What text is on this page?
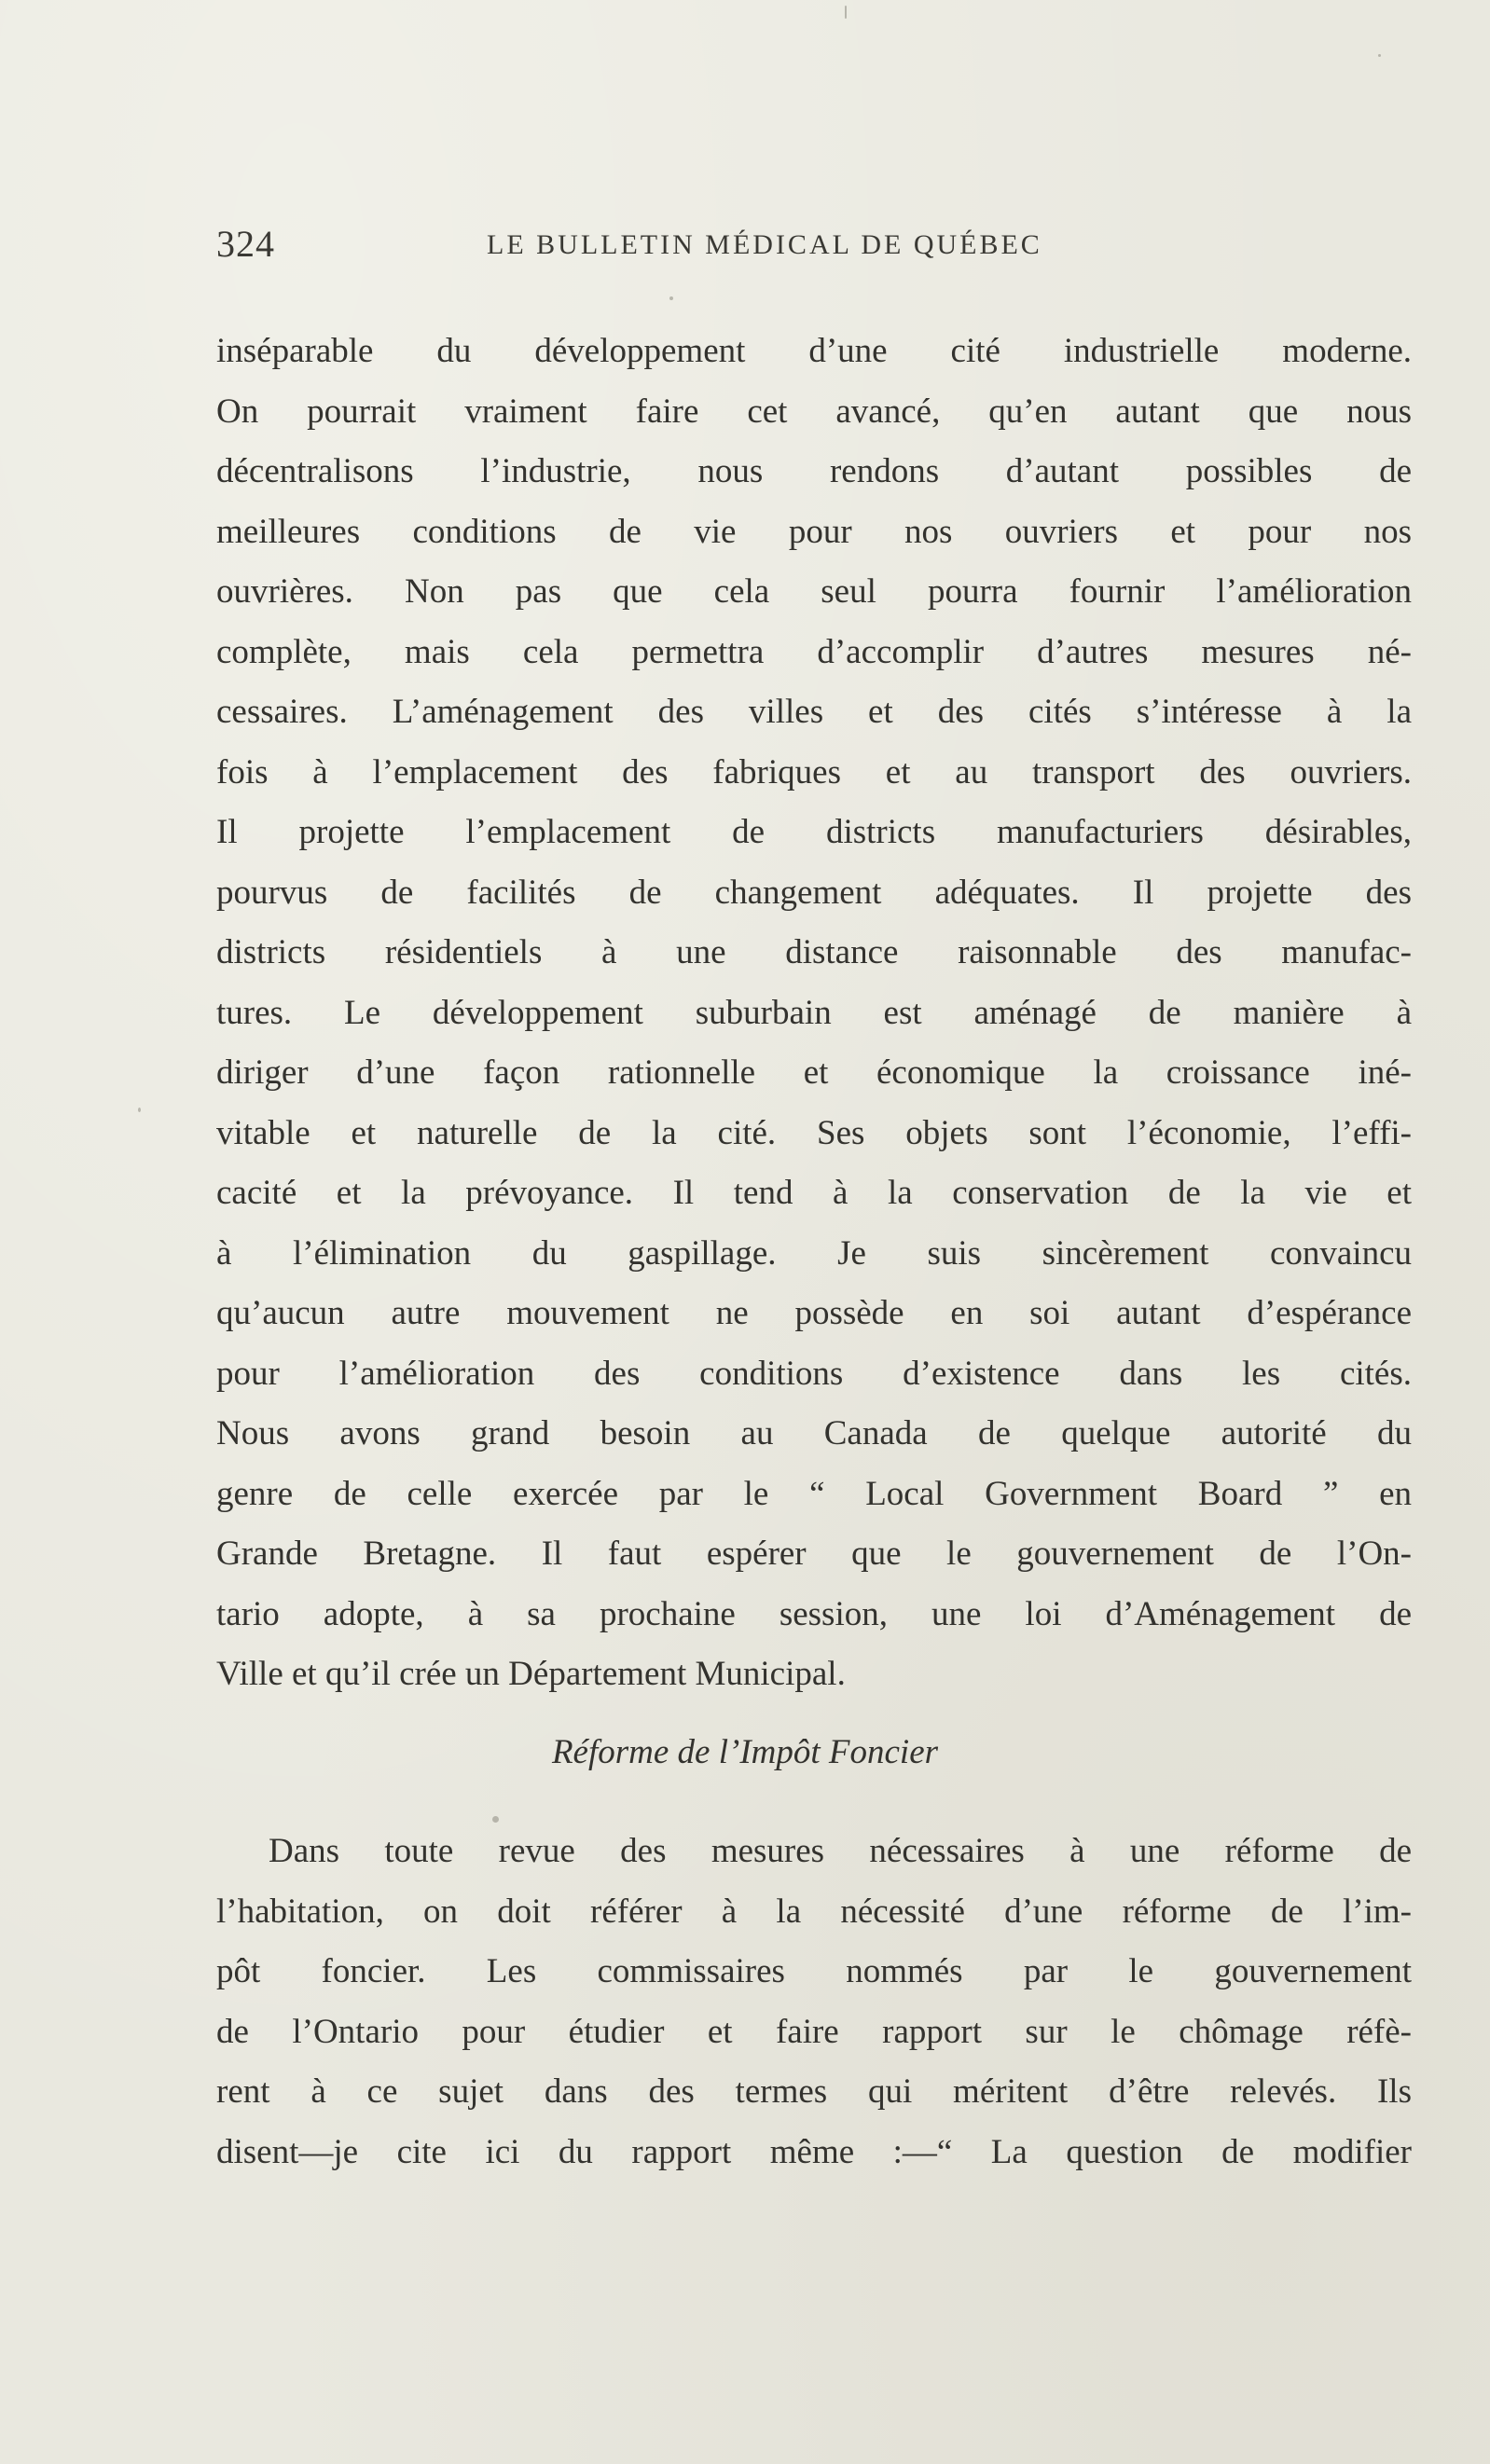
324	LE BULLETIN MÉDICAL DE QUÉBEC
inséparable du développement d’une cité industrielle moderne.
On pourrait vraiment faire cet avancé, qu’en autant que nous
décentralisons l’industrie, nous rendons d’autant possibles de
meilleures conditions de vie pour nos ouvriers et pour nos
ouvrières. Non pas que cela seul pourra fournir l’amélioration
complète, mais cela permettra d’accomplir d’autres mesures né-
cessaires. L’aménagement des villes et des cités s’intéresse à la
fois à l’emplacement des fabriques et au transport des ouvriers.
Il projette l’emplacement de districts manufacturiers désirables,
pourvus de facilités de changement adéquates. Il projette des
districts résidentiels à une distance raisonnable des manufac-
tures. Le développement suburbain est aménagé de manière à
diriger d’une façon rationnelle et économique la croissance iné-
vitable et naturelle de la cité. Ses objets sont l’économie, l’effi-
cacité et la prévoyance. Il tend à la conservation de la vie et
à l’élimination du gaspillage. Je suis sincèrement convaincu
qu’aucun autre mouvement ne possède en soi autant d’espérance
pour l’amélioration des conditions d’existence dans les cités.
Nous avons grand besoin au Canada de quelque autorité du
genre de celle exercée par le “ Local Government Board ” en
Grande Bretagne. Il faut espérer que le gouvernement de l’On-
tario adopte, à sa prochaine session, une loi d’Aménagement de
Ville et qu’il crée un Département Municipal.
Réforme de l’Impôt Foncier
Dans toute revue des mesures nécessaires à une réforme de
l’habitation, on doit référer à la nécessité d’une réforme de l’im-
pôt foncier. Les commissaires nommés par le gouvernement
de l’Ontario pour étudier et faire rapport sur le chômage réfè-
rent à ce sujet dans des termes qui méritent d’être relevés. Ils
disent—je cite ici du rapport même :—“ La question de modifier
